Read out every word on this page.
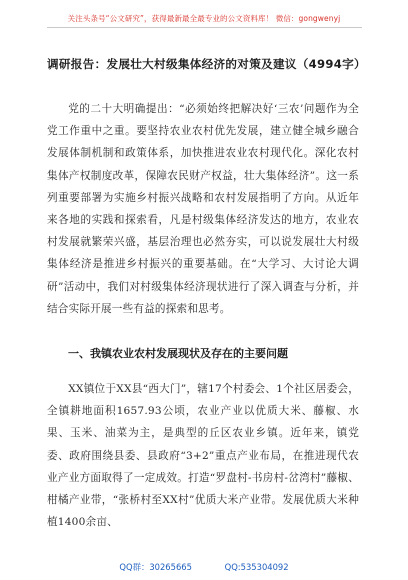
关注头条号“公文研究”，获得最新最全最专业的公文资料库！ 微信：gongwenyj
调研报告：发展壮大村级集体经济的对策及建议（4994字）

党的二十大明确提出：“必须始终把解决好‘三农’问题作为全党工作重中之重。要坚持农业农村优先发展，建立健全城乡融合发展体制机制和政策体系，加快推进农业农村现代化。深化农村集体产权制度改革，保障农民财产权益，壮大集体经济”。这一系列重要部署为实施乡村振兴战略和农村发展指明了方向。从近年来各地的实践和探索看，凡是村级集体经济发达的地方，农业农村发展就繁荣兴盛，基层治理也必然夯实，可以说发展壮大村级集体经济是推进乡村振兴的重要基础。在“大学习、大讨论大调研”活动中，我们对村级集体经济现状进行了深入调查与分析，并结合实际开展一些有益的探索和思考。

一、我镇农业农村发展现状及存在的主要问题

XX镇位于XX县“西大门”，辖17个村委会、1个社区居委会，全镇耕地面积1657.93公顷，农业产业以优质大米、藤椒、水果、玉米、油菜为主，是典型的丘区农业乡镇。近年来，镇党委、政府围绕县委、县政府“3+2”重点产业布局，在推进现代农业产业方面取得了一定成效。打造“罗盘村-书房村-岔湾村”藤椒、柑橘产业带，“张桥村至XX村”优质大米产业带。发展优质大米种植1400余亩、

QQ群：30265665	QQ:535304092
